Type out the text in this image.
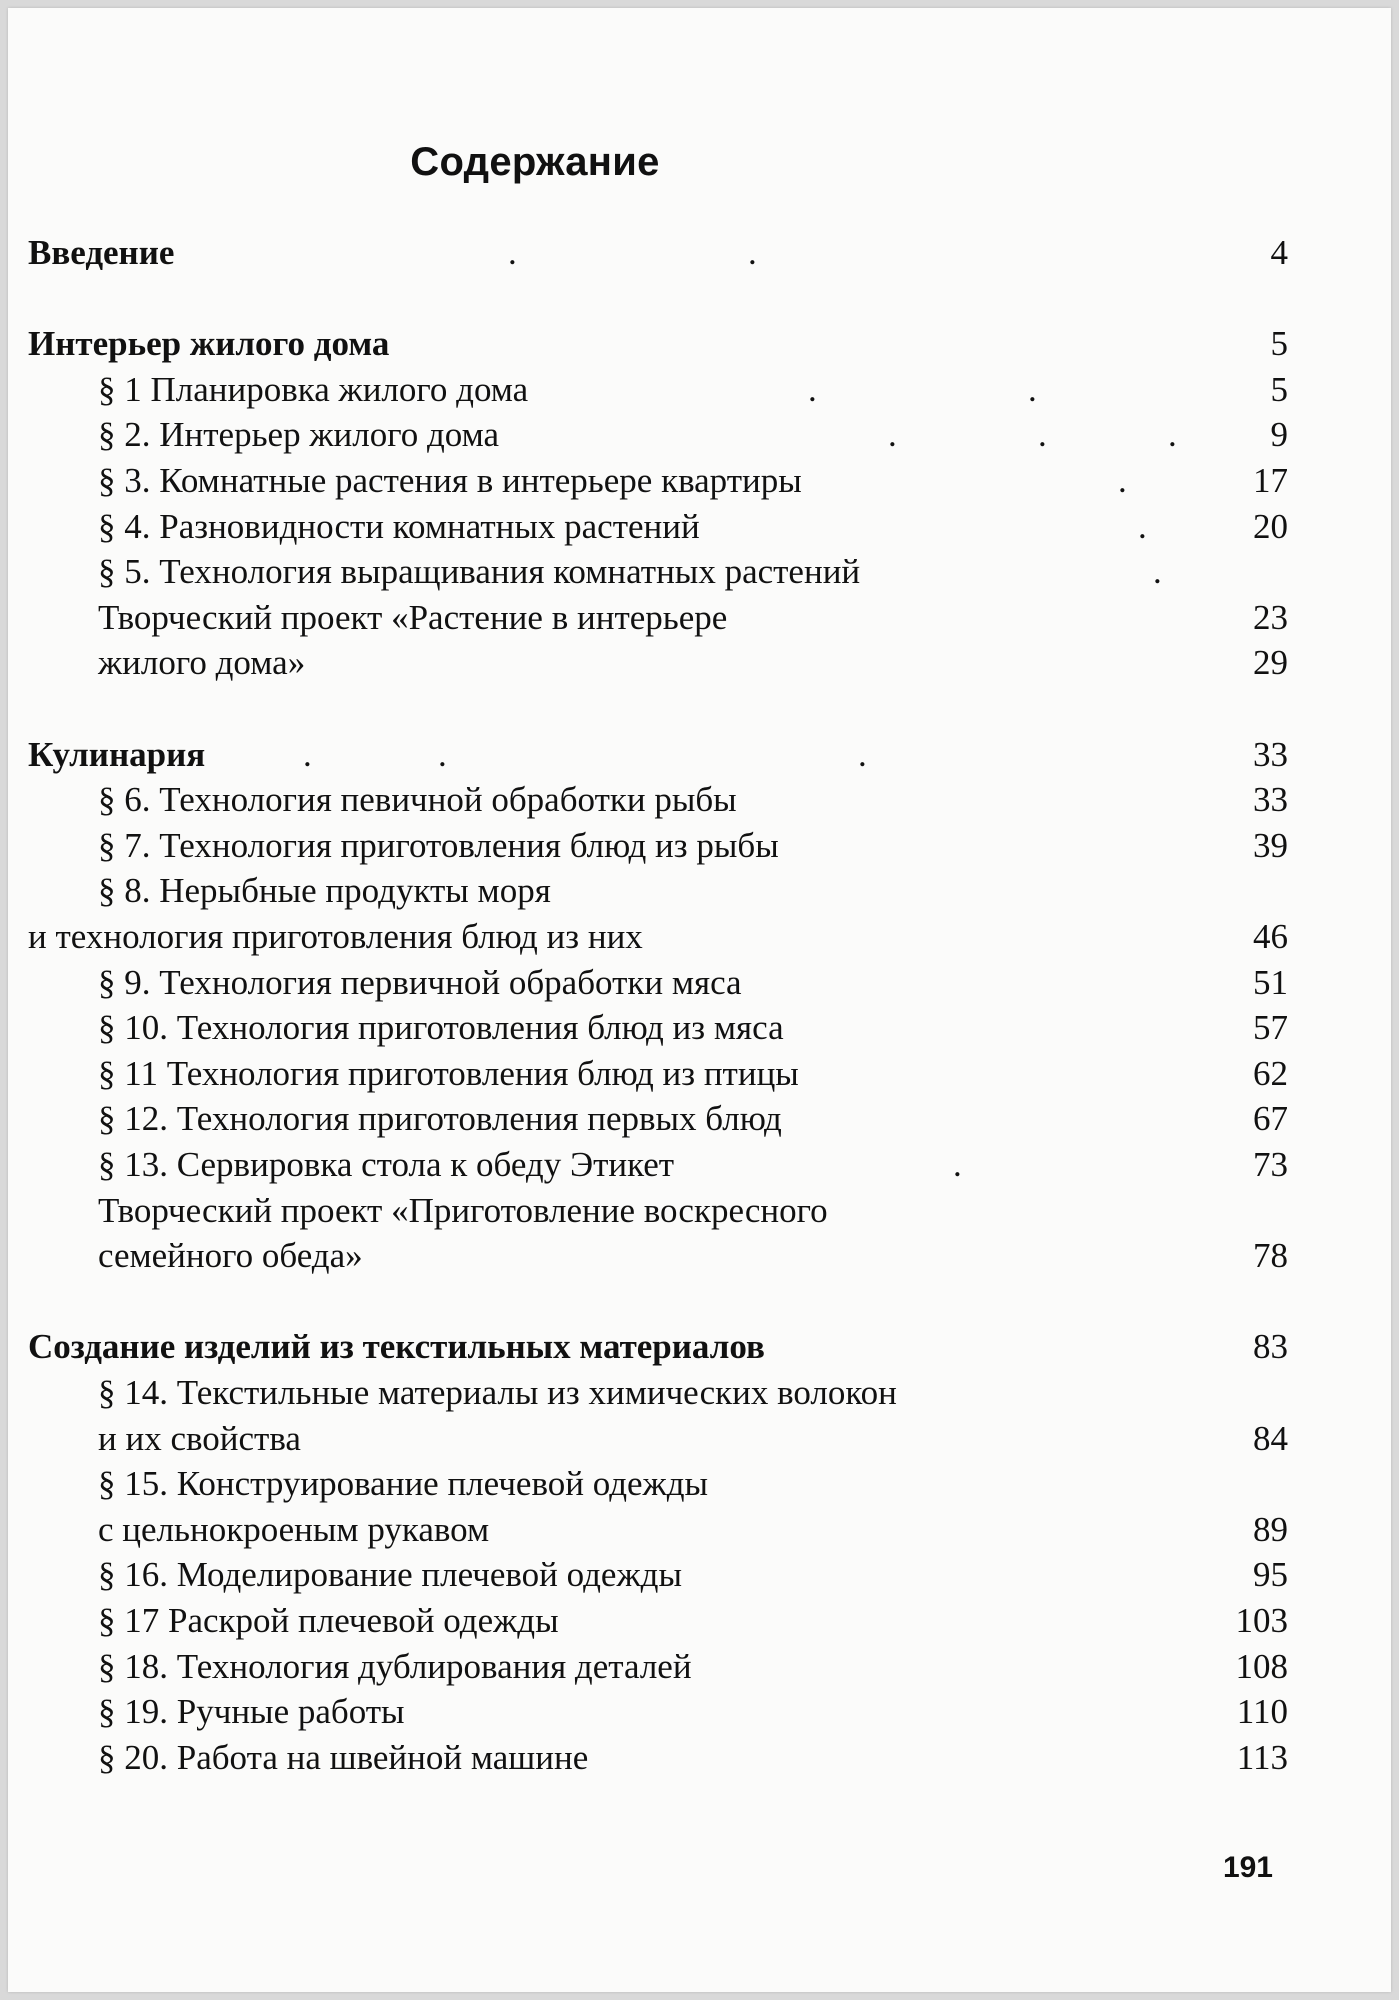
Содержание
Введение	.	.	4
Интерьер жилого дома	5
§ 1 Планировка жилого дома	.	.	5
§ 2. Интерьер жилого дома	.	.	.	9
§ 3. Комнатные растения в интерьере квартиры	.	17
§ 4. Разновидности комнатных растений	.	20
§ 5. Технология выращивания комнатных растений	.
Творческий проект «Растение в интерьере	23
жилого дома»	29
Кулинария	.	.	.	33
§ 6. Технология певичной обработки рыбы	33
§ 7. Технология приготовления блюд из рыбы	39
§ 8. Нерыбные продукты моря
и технология приготовления блюд из них	46
§ 9. Технология первичной обработки мяса	51
§ 10. Технология приготовления блюд из мяса	57
§ 11 Технология приготовления блюд из птицы	62
§ 12. Технология приготовления первых блюд	67
§ 13. Сервировка стола к обеду Этикет	.	73
Творческий проект «Приготовление воскресного
семейного обеда»	78
Создание изделий из текстильных материалов	83
§ 14. Текстильные материалы из химических волокон
и их свойства	84
§ 15. Конструирование плечевой одежды
с цельнокроеным рукавом	89
§ 16. Моделирование плечевой одежды	95
§ 17 Раскрой плечевой одежды	103
§ 18. Технология дублирования деталей	108
§ 19. Ручные работы	110
§ 20. Работа на швейной машине	113
191
